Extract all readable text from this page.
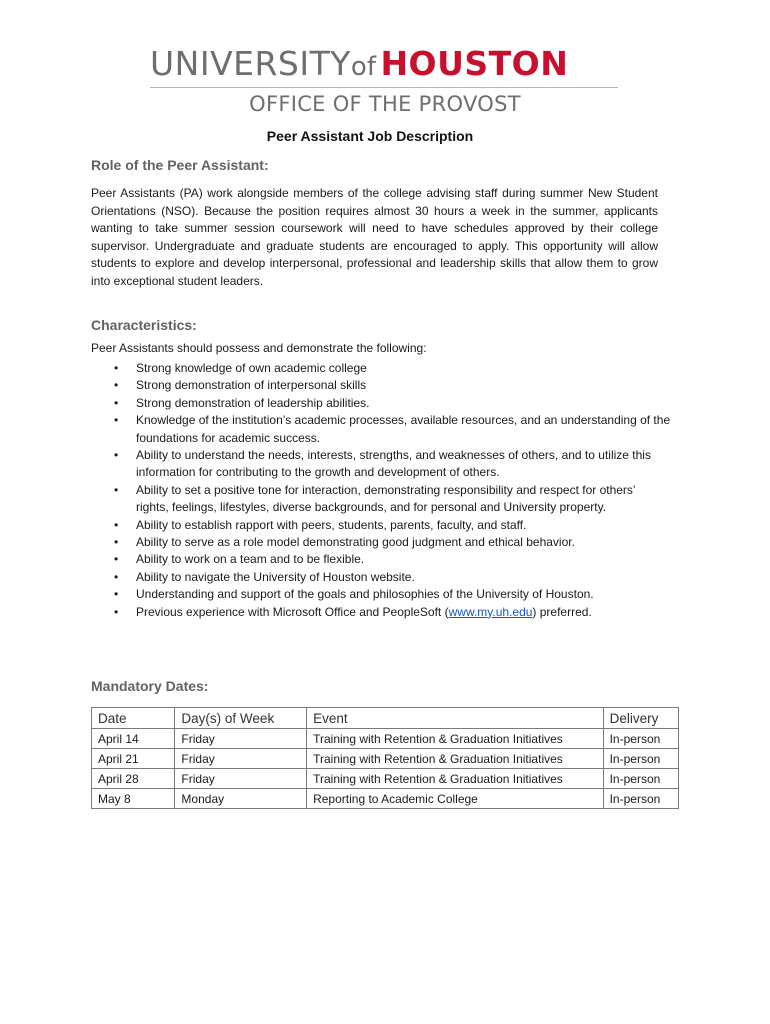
UNIVERSITYof HOUSTON
OFFICE OF THE PROVOST
Peer Assistant Job Description
Role of the Peer Assistant:
Peer Assistants (PA) work alongside members of the college advising staff during summer New Student Orientations (NSO). Because the position requires almost 30 hours a week in the summer, applicants wanting to take summer session coursework will need to have schedules approved by their college supervisor. Undergraduate and graduate students are encouraged to apply. This opportunity will allow students to explore and develop interpersonal, professional and leadership skills that allow them to grow into exceptional student leaders.
Characteristics:
Peer Assistants should possess and demonstrate the following:
• Strong knowledge of own academic college
• Strong demonstration of interpersonal skills
• Strong demonstration of leadership abilities.
• Knowledge of the institution’s academic processes, available resources, and an understanding of the foundations for academic success.
• Ability to understand the needs, interests, strengths, and weaknesses of others, and to utilize this information for contributing to the growth and development of others.
• Ability to set a positive tone for interaction, demonstrating responsibility and respect for others’ rights, feelings, lifestyles, diverse backgrounds, and for personal and University property.
• Ability to establish rapport with peers, students, parents, faculty, and staff.
• Ability to serve as a role model demonstrating good judgment and ethical behavior.
• Ability to work on a team and to be flexible.
• Ability to navigate the University of Houston website.
• Understanding and support of the goals and philosophies of the University of Houston.
• Previous experience with Microsoft Office and PeopleSoft (www.my.uh.edu) preferred.
Mandatory Dates:
Date	Day(s) of Week	Event	Delivery
April 14	Friday	Training with Retention & Graduation Initiatives	In-person
April 21	Friday	Training with Retention & Graduation Initiatives	In-person
April 28	Friday	Training with Retention & Graduation Initiatives	In-person
May 8	Monday	Reporting to Academic College	In-person
